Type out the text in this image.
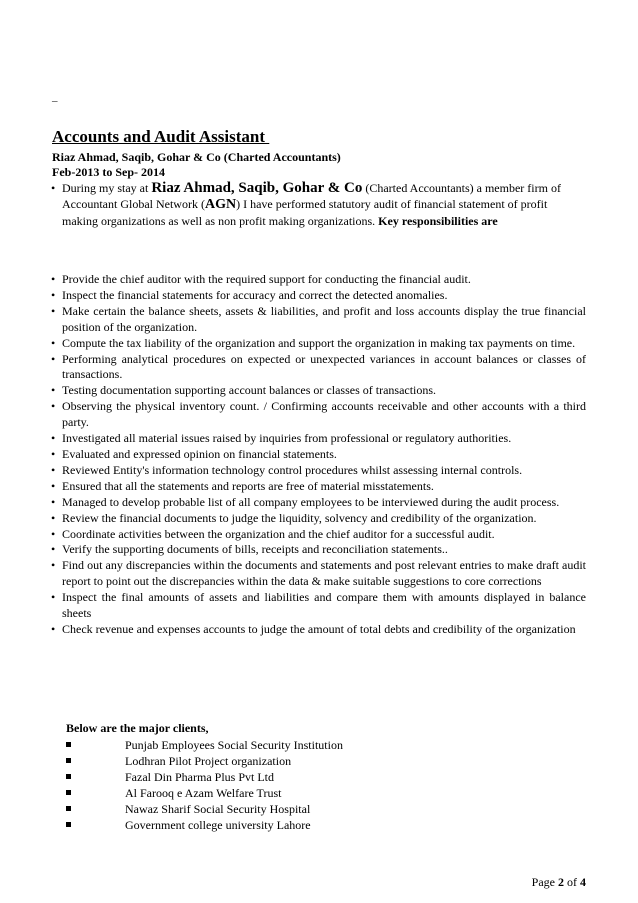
_
Accounts and Audit Assistant
Riaz Ahmad, Saqib, Gohar & Co (Charted Accountants)
Feb-2013 to Sep- 2014
• During my stay at Riaz Ahmad, Saqib, Gohar & Co (Charted Accountants) a member firm of Accountant Global Network (AGN) I have performed statutory audit of financial statement of profit making organizations as well as non profit making organizations. Key responsibilities are
• Provide the chief auditor with the required support for conducting the financial audit.
• Inspect the financial statements for accuracy and correct the detected anomalies.
• Make certain the balance sheets, assets & liabilities, and profit and loss accounts display the true financial position of the organization.
• Compute the tax liability of the organization and support the organization in making tax payments on time.
• Performing analytical procedures on expected or unexpected variances in account balances or classes of transactions.
• Testing documentation supporting account balances or classes of transactions.
• Observing the physical inventory count. / Confirming accounts receivable and other accounts with a third party.
• Investigated all material issues raised by inquiries from professional or regulatory authorities.
• Evaluated and expressed opinion on financial statements.
• Reviewed Entity's information technology control procedures whilst assessing internal controls.
• Ensured that all the statements and reports are free of material misstatements.
• Managed to develop probable list of all company employees to be interviewed during the audit process.
• Review the financial documents to judge the liquidity, solvency and credibility of the organization.
• Coordinate activities between the organization and the chief auditor for a successful audit.
• Verify the supporting documents of bills, receipts and reconciliation statements..
• Find out any discrepancies within the documents and statements and post relevant entries to make draft audit report to point out the discrepancies within the data & make suitable suggestions to core corrections
• Inspect the final amounts of assets and liabilities and compare them with amounts displayed in balance sheets
• Check revenue and expenses accounts to judge the amount of total debts and credibility of the organization
Below are the major clients,
Punjab Employees Social Security Institution
Lodhran Pilot Project organization
Fazal Din Pharma Plus Pvt Ltd
Al Farooq e Azam Welfare Trust
Nawaz Sharif Social Security Hospital
Government college university Lahore
Page 2 of 4
